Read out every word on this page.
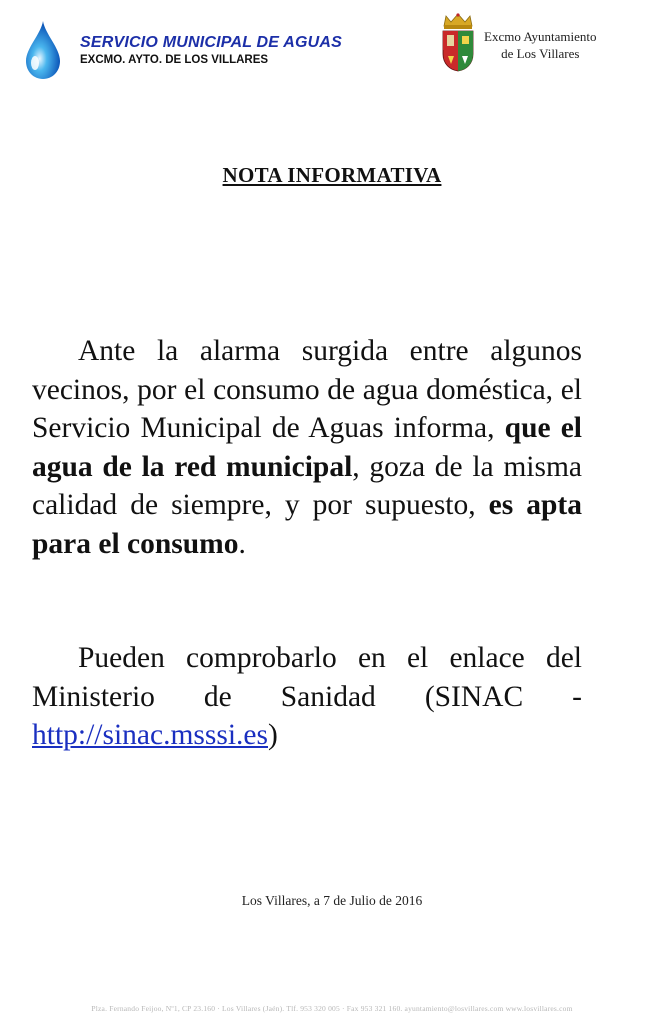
SERVICIO MUNICIPAL DE AGUAS
EXCMO. AYTO. DE LOS VILLARES
Excmo Ayuntamiento
de Los Villares
NOTA INFORMATIVA
Ante la alarma surgida entre algunos vecinos, por el consumo de agua doméstica, el Servicio Municipal de Aguas informa, que el agua de la red municipal, goza de la misma calidad de siempre, y por supuesto, es apta para el consumo.
Pueden comprobarlo en el enlace del Ministerio de Sanidad (SINAC - http://sinac.msssi.es)
Los Villares, a 7 de Julio de 2016
Plza. Fernando Feijoo, Nº1, CP 23.160 · Los Villares (Jaén). Tlf. 953 320 005 · Fax 953 321 160. ayuntamiento@losvillares.com www.losvillares.com
